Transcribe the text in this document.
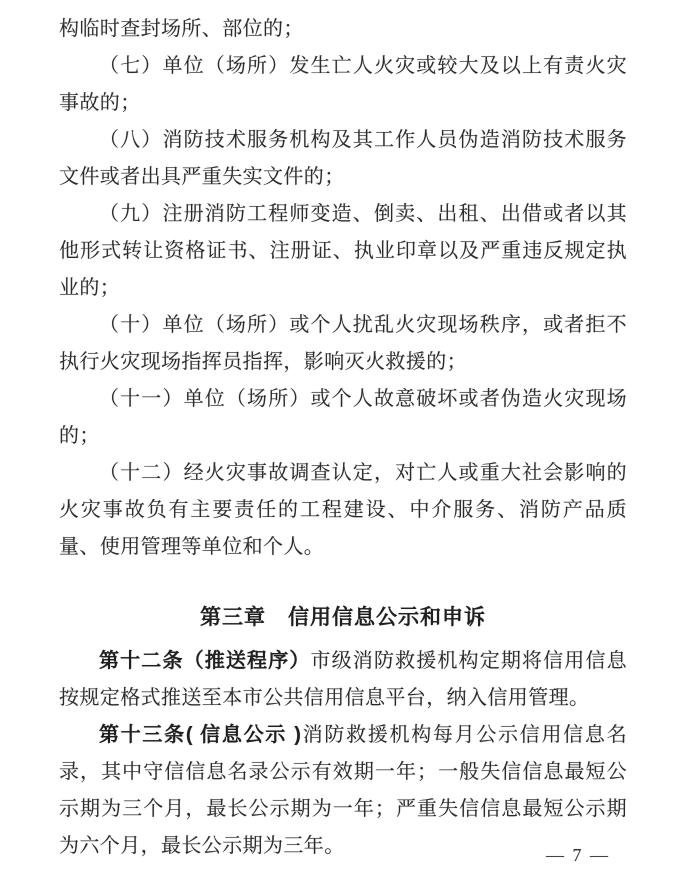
构临时查封场所、部位的；

（七）单位（场所）发生亡人火灾或较大及以上有责火灾事故的；

（八）消防技术服务机构及其工作人员伪造消防技术服务文件或者出具严重失实文件的；

（九）注册消防工程师变造、倒卖、出租、出借或者以其他形式转让资格证书、注册证、执业印章以及严重违反规定执业的；

（十）单位（场所）或个人扰乱火灾现场秩序，或者拒不执行火灾现场指挥员指挥，影响灭火救援的；

（十一）单位（场所）或个人故意破坏或者伪造火灾现场的；

（十二）经火灾事故调查认定，对亡人或重大社会影响的火灾事故负有主要责任的工程建设、中介服务、消防产品质量、使用管理等单位和个人。

第三章　信用信息公示和申诉

第十二条（推送程序）市级消防救援机构定期将信用信息按规定格式推送至本市公共信用信息平台，纳入信用管理。

第十三条( 信息公示 )消防救援机构每月公示信用信息名录，其中守信信息名录公示有效期一年；一般失信信息最短公示期为三个月，最长公示期为一年；严重失信信息最短公示期为六个月，最长公示期为三年。	— 7 —
